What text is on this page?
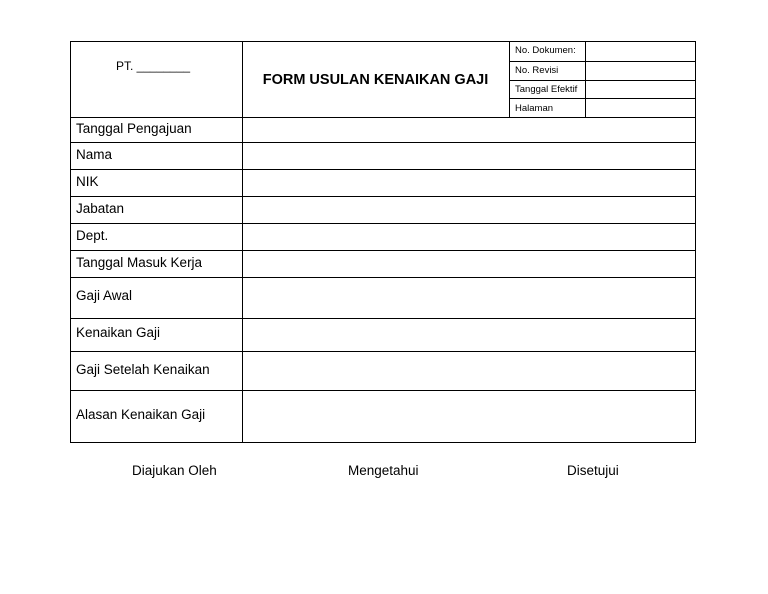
PT. ________
FORM USULAN KENAIKAN GAJI
No. Dokumen:
No. Revisi
Tanggal Efektif
Halaman
Tanggal Pengajuan
Nama
NIK
Jabatan
Dept.
Tanggal Masuk Kerja
Gaji Awal
Kenaikan Gaji
Gaji Setelah Kenaikan
Alasan Kenaikan Gaji
Diajukan Oleh	Mengetahui	Disetujui
